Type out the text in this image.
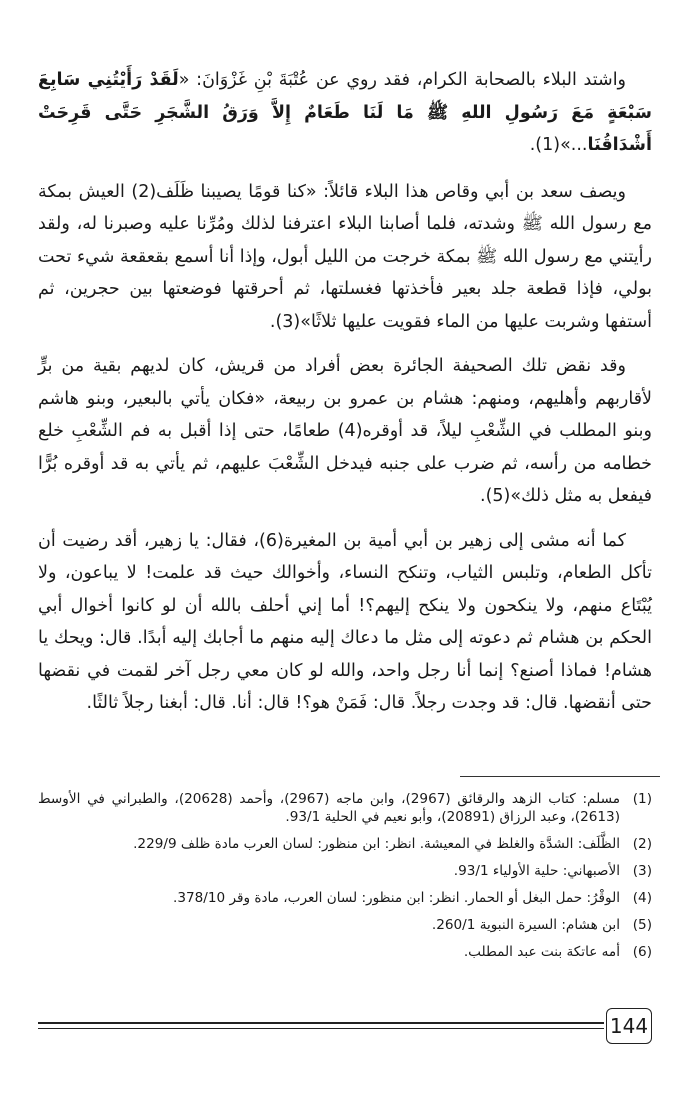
واشتد البلاء بالصحابة الكرام، فقد روي عن عُتْبَةَ بْنِ غَزْوَانَ: «لَقَدْ رَأَيْتُنِي سَابِعَ سَبْعَةٍ مَعَ رَسُولِ اللهِ ﷺ مَا لَنَا طَعَامٌ إِلاَّ وَرَقُ الشَّجَرِ حَتَّى قَرِحَتْ أَشْدَاقُنَا...»(1).

ويصف سعد بن أبي وقاص هذا البلاء قائلاً: «كنا قومًا يصيبنا ظَلَف(2) العيش بمكة مع رسول الله ﷺ وشدته، فلما أصابنا البلاء اعترفنا لذلك ومُرِّنا عليه وصبرنا له، ولقد رأيتني مع رسول الله ﷺ بمكة خرجت من الليل أبول، وإذا أنا أسمع بقعقعة شيء تحت بولي، فإذا قطعة جلد بعير فأخذتها فغسلتها، ثم أحرقتها فوضعتها بين حجرين، ثم أستفها وشربت عليها من الماء فقويت عليها ثلاثًا»(3).

وقد نقض تلك الصحيفة الجائرة بعض أفراد من قريش، كان لديهم بقية من برٍّ لأقاربهم وأهليهم، ومنهم: هشام بن عمرو بن ربيعة، «فكان يأتي بالبعير، وبنو هاشم وبنو المطلب في الشِّعْبِ ليلاً، قد أوقره(4) طعامًا، حتى إذا أقبل به فم الشِّعْبِ خلع خطامه من رأسه، ثم ضرب على جنبه فيدخل الشِّعْبَ عليهم، ثم يأتي به قد أوقره بُرًّا فيفعل به مثل ذلك»(5).

كما أنه مشى إلى زهير بن أبي أمية بن المغيرة(6)، فقال: يا زهير، أقد رضيت أن تأكل الطعام، وتلبس الثياب، وتنكح النساء، وأخوالك حيث قد علمت! لا يباعون، ولا يُبْتَاع منهم، ولا ينكحون ولا ينكح إليهم؟! أما إني أحلف بالله أن لو كانوا أخوال أبي الحكم بن هشام ثم دعوته إلى مثل ما دعاك إليه منهم ما أجابك إليه أبدًا. قال: ويحك يا هشام! فماذا أصنع؟ إنما أنا رجل واحد، والله لو كان معي رجل آخر لقمت في نقضها حتى أنقضها. قال: قد وجدت رجلاً. قال: فَمَنْ هو؟! قال: أنا. قال: أبغنا رجلاً ثالثًا.

(1)
مسلم: كتاب الزهد والرقائق (2967)، وابن ماجه (2967)، وأحمد (20628)، والطبراني في الأوسط (2613)، وعبد الرزاق (20891)، وأبو نعيم في الحلية 93/1.
(2)
الظَّلَف: الشدَّة والغلظ في المعيشة. انظر: ابن منظور: لسان العرب مادة ظلف 229/9.
(3)
الأصبهاني: حلية الأولياء 93/1.
(4)
الوقْرُ: حمل البغل أو الحمار. انظر: ابن منظور: لسان العرب، مادة وقر 378/10.
(5)
ابن هشام: السيرة النبوية 260/1.
(6)
أمه عاتكة بنت عبد المطلب.
144
